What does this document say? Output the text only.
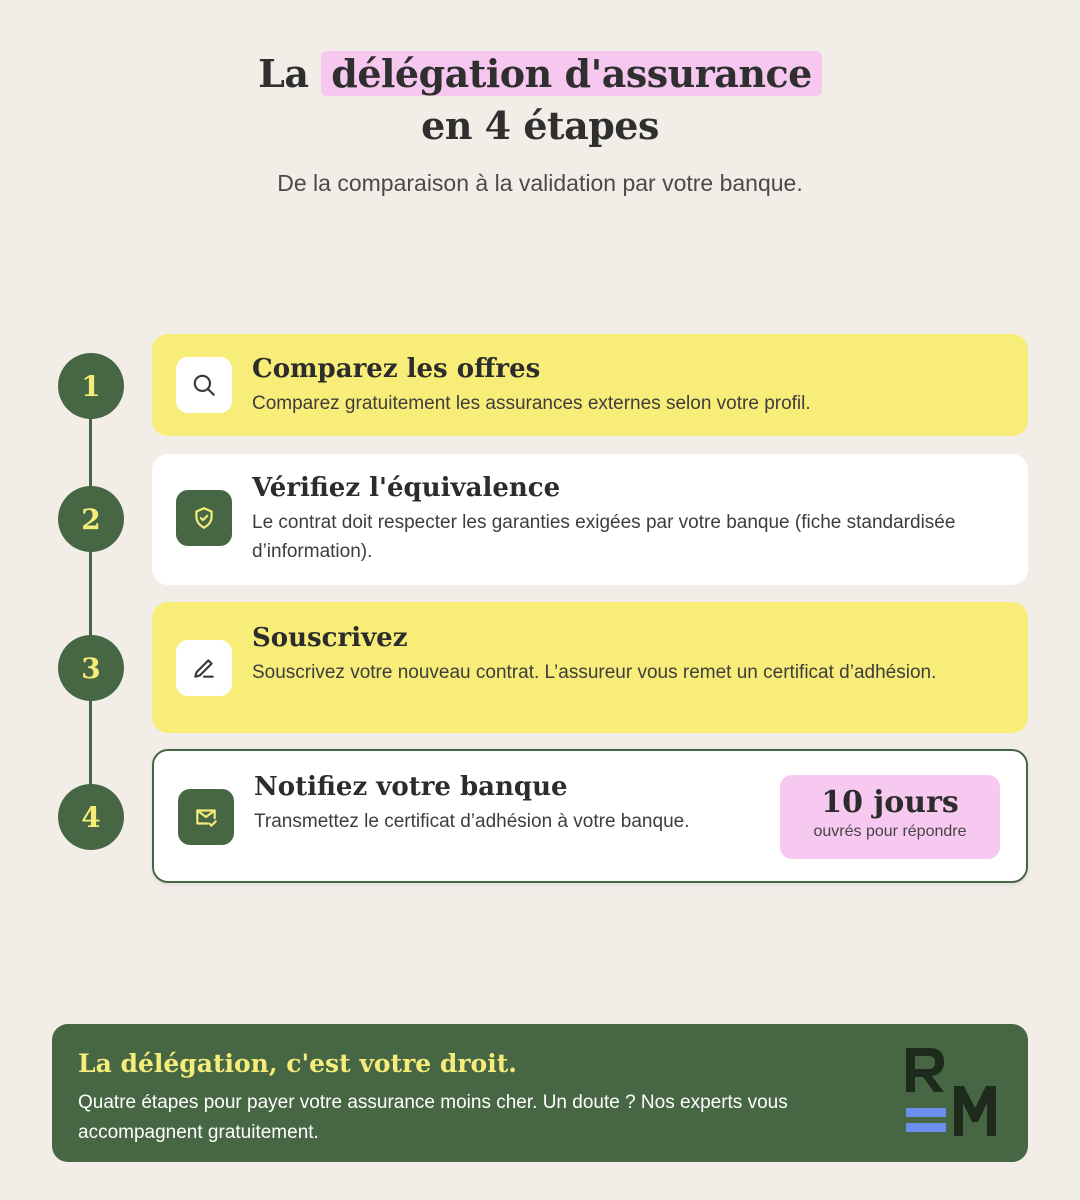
La délégation d'assurance
en 4 étapes
De la comparaison à la validation par votre banque.
1
2
3
4
Comparez les offres
Comparez gratuitement les assurances externes selon votre profil.
Vérifiez l'équivalence
Le contrat doit respecter les garanties exigées par votre banque (fiche standardisée d’information).
Souscrivez
Souscrivez votre nouveau contrat. L’assureur vous remet un certificat d’adhésion.
Notifiez votre banque
Transmettez le certificat d’adhésion à votre banque.
10 jours
ouvrés pour répondre
La délégation, c'est votre droit.
Quatre étapes pour payer votre assurance moins cher. Un doute ? Nos experts vous accompagnent gratuitement.
